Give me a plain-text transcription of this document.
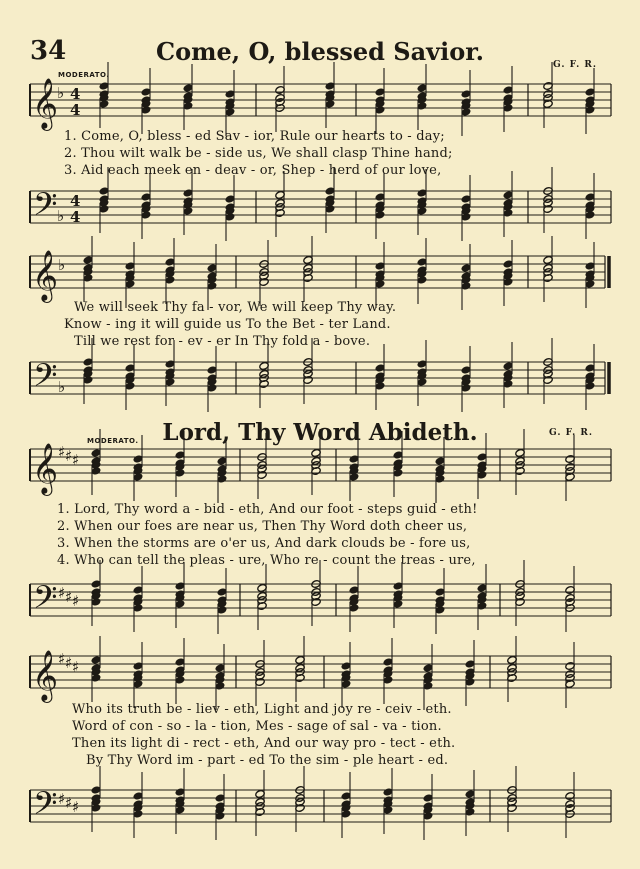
34	Come, O, blessed Savior.	G. F. R.
MODERATO.
Lord, Thy Word Abideth.	G. F. R.
MODERATO.
1. Come, O, bless - ed Sav - ior, Rule our hearts to - day;
2. Thou wilt walk be - side us, We shall clasp Thine hand;
3. Aid each meek en - deav - or, Shep - herd of our love,
We will seek Thy fa - vor, We will keep Thy way.
Know - ing it will guide us To the Bet - ter Land.
Till we rest for - ev - er In Thy fold a - bove.
1. Lord, Thy word a - bid - eth, And our foot - steps guid - eth!
2. When our foes are near us, Then Thy Word doth cheer us,
3. When the storms are o'er us, And dark clouds be - fore us,
4. Who can tell the pleas - ure, Who re - count the treas - ure,
Who its truth be - liev - eth, Light and joy re - ceiv - eth.
Word of con - so - la - tion, Mes - sage of sal - va - tion.
Then its light di - rect - eth, And our way pro - tect - eth.
By Thy Word im - part - ed To the sim - ple heart - ed.
𝄞
𝄢
♭
♭
4
4
4
4
𝄞
𝄢
♭
♭
𝄞
𝄢
♯ ♯ ♯
♯ ♯ ♯
𝄞
𝄢
♯ ♯ ♯
♯ ♯ ♯
